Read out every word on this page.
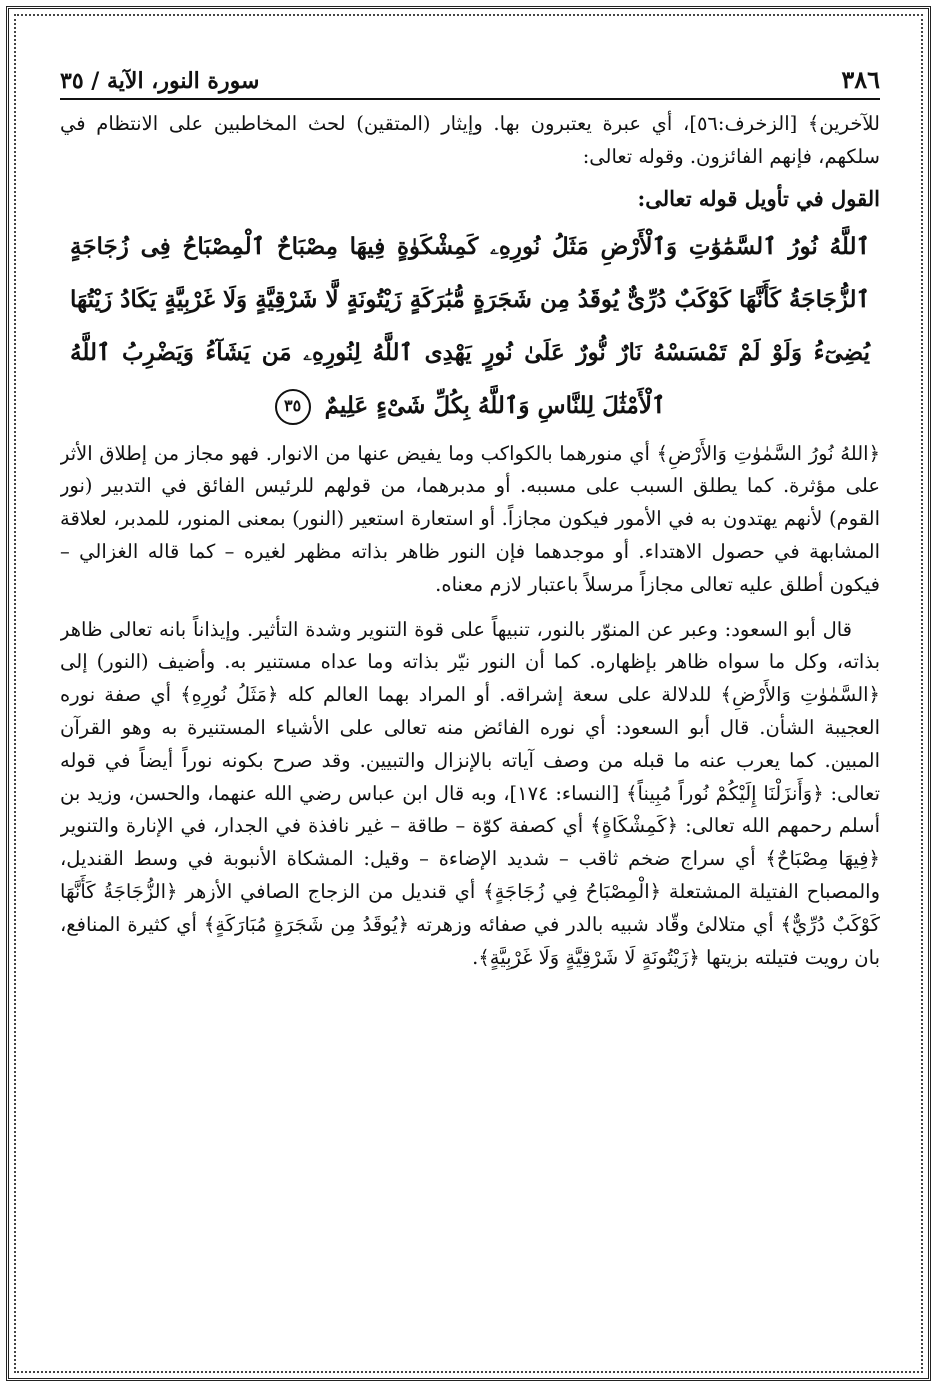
٣٨٦
سورة النور، الآية / ٣٥

للآخرين﴾ [الزخرف:٥٦]، أي عبرة يعتبرون بها. وإيثار (المتقين) لحث المخاطبين على الانتظام في سلكهم، فإنهم الفائزون. وقوله تعالى:

القول في تأويل قوله تعالى:

ٱللَّهُ نُورُ ٱلسَّمَٰوَٰتِ وَٱلْأَرْضِ مَثَلُ نُورِهِۦ كَمِشْكَوٰةٍ فِيهَا مِصْبَاحٌ ٱلْمِصْبَاحُ فِى زُجَاجَةٍ ٱلزُّجَاجَةُ كَأَنَّهَا كَوْكَبٌ دُرِّىٌّ يُوقَدُ مِن شَجَرَةٍ مُّبَٰرَكَةٍ زَيْتُونَةٍ لَّا شَرْقِيَّةٍ وَلَا غَرْبِيَّةٍ يَكَادُ زَيْتُهَا يُضِىٓءُ وَلَوْ لَمْ تَمْسَسْهُ نَارٌ نُّورٌ عَلَىٰ نُورٍ يَهْدِى ٱللَّهُ لِنُورِهِۦ مَن يَشَآءُ وَيَضْرِبُ ٱللَّهُ ٱلْأَمْثَٰلَ لِلنَّاسِ وَٱللَّهُ بِكُلِّ شَىْءٍ عَلِيمٌ ٣٥

﴿اللهُ نُورُ السَّمٰوٰتِ وَالأَرْضِ﴾ أي منورهما بالكواكب وما يفيض عنها من الانوار. فهو مجاز من إطلاق الأثر على مؤثرة. كما يطلق السبب على مسببه. أو مدبرهما، من قولهم للرئيس الفائق في التدبير (نور القوم) لأنهم يهتدون به في الأمور فيكون مجازاً. أو استعارة استعير (النور) بمعنى المنور، للمدبر، لعلاقة المشابهة في حصول الاهتداء. أو موجدهما فإن النور ظاهر بذاته مظهر لغيره – كما قاله الغزالي – فيكون أطلق عليه تعالى مجازاً مرسلاً باعتبار لازم معناه.

قال أبو السعود: وعبر عن المنوّر بالنور، تنبيهاً على قوة التنوير وشدة التأثير. وإيذاناً بانه تعالى ظاهر بذاته، وكل ما سواه ظاهر بإظهاره. كما أن النور نيّر بذاته وما عداه مستنير به. وأضيف (النور) إلى ﴿السَّمٰوٰتِ وَالأَرْضِ﴾ للدلالة على سعة إشراقه. أو المراد بهما العالم كله ﴿مَثَلُ نُورِهِ﴾ أي صفة نوره العجيبة الشأن. قال أبو السعود: أي نوره الفائض منه تعالى على الأشياء المستنيرة به وهو القرآن المبين. كما يعرب عنه ما قبله من وصف آياته بالإنزال والتبيين. وقد صرح بكونه نوراً أيضاً في قوله تعالى: ﴿وَأَنزَلْنَا إِلَيْكُمْ نُوراً مُبِيناً﴾ [النساء: ١٧٤]، وبه قال ابن عباس رضي الله عنهما، والحسن، وزيد بن أسلم رحمهم الله تعالى: ﴿كَمِشْكَاةٍ﴾ أي كصفة كوّة – طاقة – غير نافذة في الجدار، في الإنارة والتنوير ﴿فِيهَا مِصْبَاحٌ﴾ أي سراج ضخم ثاقب – شديد الإضاءة – وقيل: المشكاة الأنبوبة في وسط القنديل، والمصباح الفتيلة المشتعلة ﴿الْمِصْبَاحُ فِي زُجَاجَةٍ﴾ أي قنديل من الزجاج الصافي الأزهر ﴿الزُّجَاجَةُ كَأَنَّهَا كَوْكَبٌ دُرِّيٌّ﴾ أي متلالئ وقّاد شبيه بالدر في صفائه وزهرته ﴿يُوقَدُ مِن شَجَرَةٍ مُبَارَكَةٍ﴾ أي كثيرة المنافع، بان رويت فتيلته بزيتها ﴿زَيْتُونَةٍ لَا شَرْقِيَّةٍ وَلَا غَرْبِيَّةٍ﴾.
